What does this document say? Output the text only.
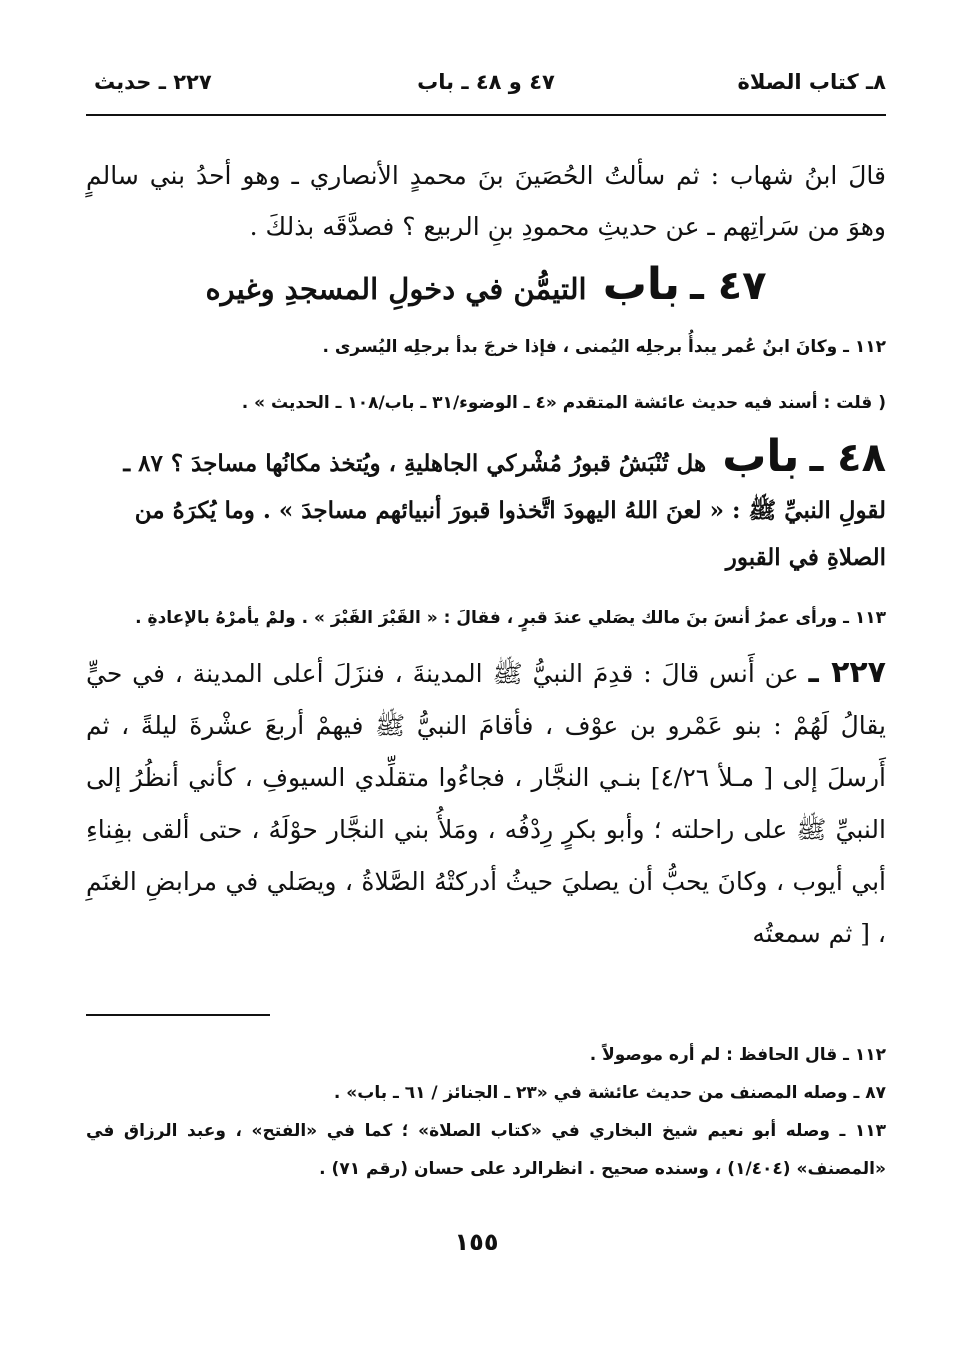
٨ـ كتاب الصلاة
٤٧ و ٤٨ ـ باب
٢٢٧ ـ حديث

قالَ ابنُ شهاب : ثم سألتُ الحُصَينَ بنَ محمدٍ الأنصاري ـ وهو أحدُ بني سالمٍ وهوَ من سَراتِهم ـ عن حديثِ محمودِ بنِ الربيع ؟ فصدَّقَه بذلكَ .

٤٧ ـ باب التيمُّن في دخولِ المسجدِ وغيره

١١٢ ـ وكانَ ابنُ عُمر يبدأُ برجلِه اليُمنى ، فإذا خرجَ بدأ برجلِه اليُسرى .

( قلت : أسند فيه حديث عائشة المتقدم «٤ ـ الوضوء/٣١ ـ باب/١٠٨ ـ الحديث » .

٤٨ ـ باب هل تُنْبَشُ قبورُ مُشْركي الجاهليةِ ، ويُتخذ مكانُها مساجدَ ؟ ٨٧ ـ لقولِ النبيِّ ﷺ : « لعنَ اللهُ اليهودَ اتَّخذوا قبورَ أنبيائهم مساجدَ » . وما يُكرَهُ من الصلاةِ في القبور

١١٣ ـ ورأى عمرُ أنسَ بنَ مالك يصَلي عندَ قبرٍ ، فقالَ : « القَبْرَ القَبْرَ » . ولمْ يأمرْهُ بالإعادةِ .

٢٢٧ ـ عن أَنس قالَ : قدِمَ النبيُّ ﷺ المدينةَ ، فنزَلَ أعلى المدينة ، في حيٍّ يقالُ لَهُمْ : بنو عَمْرو بن عوْف ، فأقامَ النبيُّ ﷺ فيهمْ أربعَ عشْرةَ ليلةً ، ثم أَرسلَ إلى [ مـلأ ٤/٢٦] بنـي النجَّار ، فجاءُوا متقلِّدي السيوفِ ، كأني أنظُرُ إلى النبيِّ ﷺ على راحلته ؛ وأبو بكرٍ رِدْفُه ، ومَلأُ بني النجَّار حوْلَهُ ، حتى ألقى بفِناءِ أبي أيوب ، وكانَ يحبُّ أن يصليَ حيثُ أدركتْهُ الصَّلاةُ ، ويصَلي في مرابضِ الغنَمِ ، [ ثم سمعتُه

١١٢ ـ قال الحافظ : لم أره موصولاً .

٨٧ ـ وصله المصنف من حديث عائشة في «٢٣ ـ الجنائز / ٦١ ـ باب» .

١١٣ ـ وصله أبو نعيم شيخ البخاري في «كتاب الصلاة» ؛ كما في «الفتح» ، وعبد الرزاق في «المصنف» (١/٤٠٤) ، وسنده صحيح . انظرالرد على حسان (رقم ٧١) .

١٥٥
